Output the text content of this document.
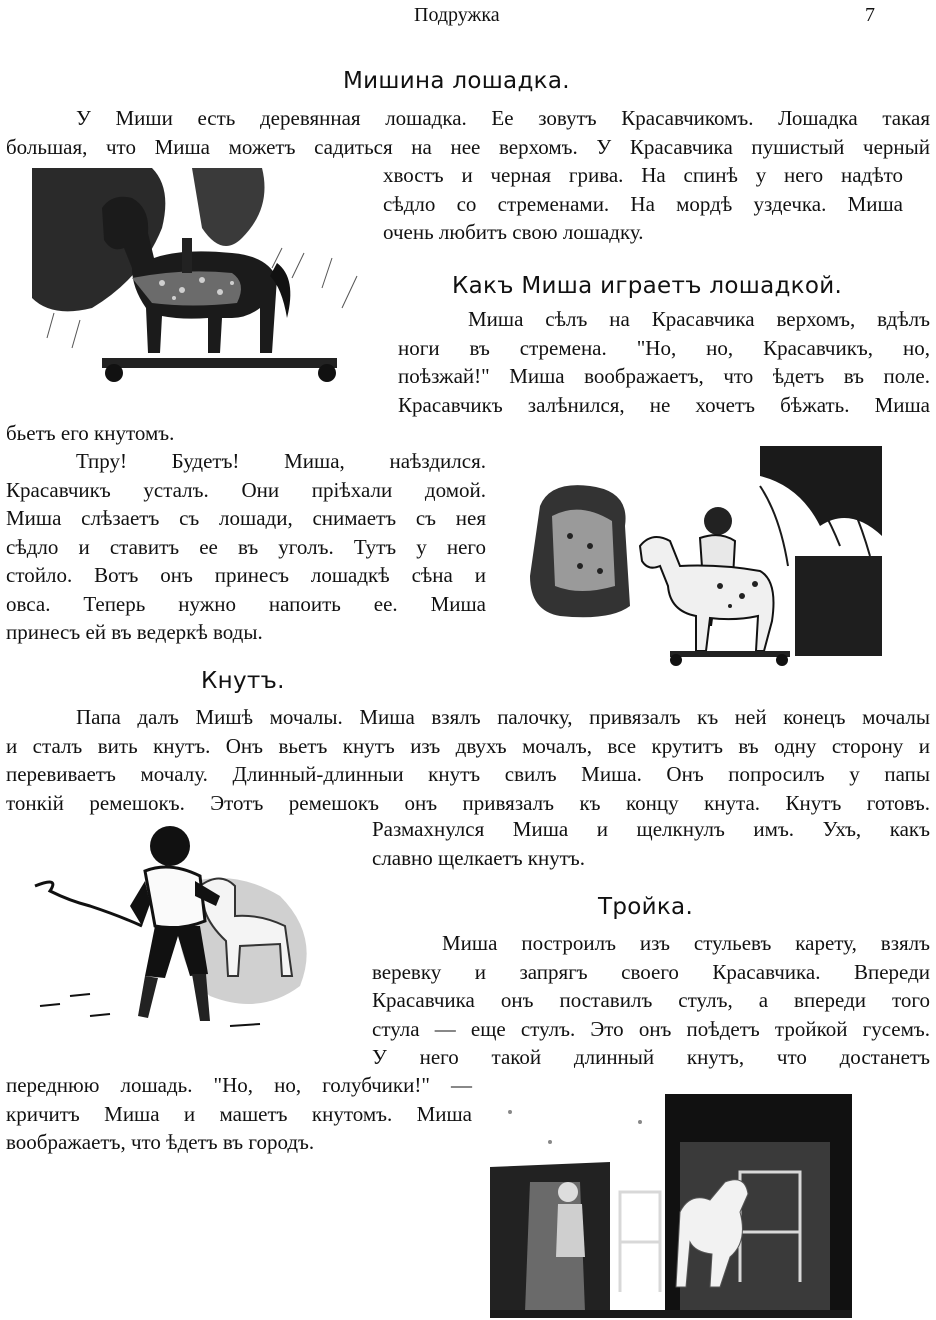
Подружка	7
Мишина лошадка.
У Миши есть деревянная лошадка. Ее зовутъ Красавчикомъ. Лошадка такая
большая, что Миша можетъ садиться на нее верхомъ. У Красавчика пушистый черный
хвостъ и черная грива. На спинѣ у него надѣто
сѣдло со стременами. На мордѣ уздечка. Миша
очень любитъ свою лошадку.
Какъ Миша играетъ лошадкой.
Миша сѣлъ на Красавчика верхомъ, вдѣлъ
ноги въ стремена. "Но, но, Красавчикъ, но,
поѣзжай!" Миша воображаетъ, что ѣдетъ въ поле.
Красавчикъ залѣнился, не хочетъ бѣжать. Миша
бьетъ его кнутомъ.
Тпру! Будетъ! Миша, наѣздился.
Красавчикъ усталъ. Они прiѣхали домой.
Миша слѣзаетъ съ лошади, снимаетъ съ нея
сѣдло и ставитъ ее въ уголъ. Тутъ у него
стойло. Вотъ онъ принесъ лошадкѣ сѣна и
овса. Теперь нужно напоить ее. Миша
принесъ ей въ ведеркѣ воды.
Кнутъ.
Папа далъ Мишѣ мочалы. Миша взялъ палочку, привязалъ къ ней конецъ мочалы
и сталъ вить кнутъ. Онъ вьетъ кнутъ изъ двухъ мочалъ, все крутитъ въ одну сторону и
перевиваетъ мочалу. Длинный-длинныи кнутъ свилъ Миша. Онъ попросилъ у папы
тонкiй ремешокъ. Этотъ ремешокъ онъ привязалъ къ концу кнута. Кнутъ готовъ.
Размахнулся Миша и щелкнулъ имъ. Ухъ, какъ
славно щелкаетъ кнутъ.
Тройка.
Миша построилъ изъ стульевъ карету, взялъ
веревку и запрягъ своего Красавчика. Впереди
Красавчика онъ поставилъ стулъ, а впереди того
стула — еще стулъ. Это онъ поѣдетъ тройкой гусемъ.
У него такой длинный кнутъ, что достанетъ
переднюю лошадь. "Но, но, голубчики!" —
кричитъ Миша и машетъ кнутомъ. Миша
воображаетъ, что ѣдетъ въ городъ.
